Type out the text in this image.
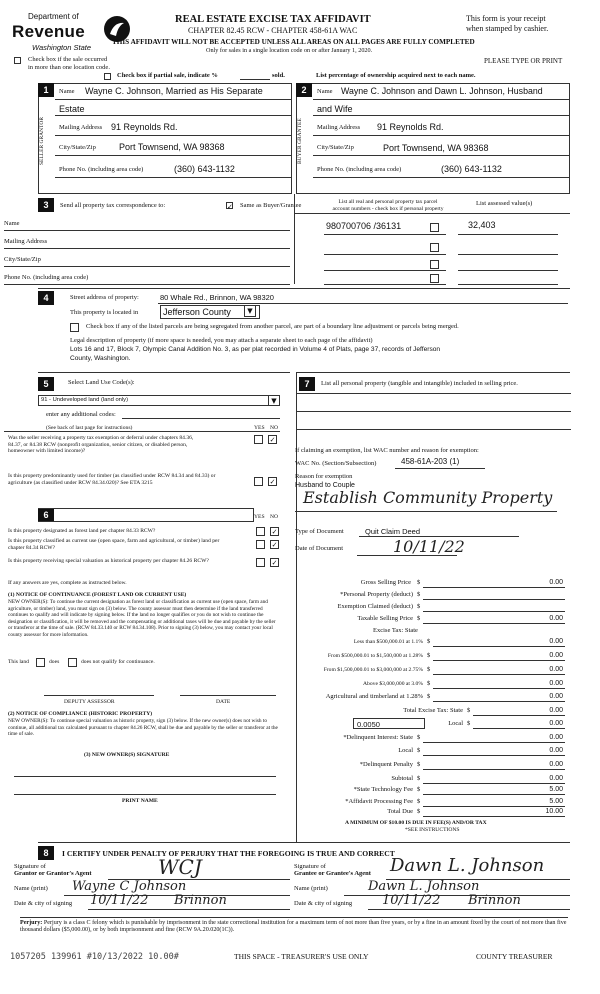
Department of
Revenue
Washington State
REAL ESTATE EXCISE TAX AFFIDAVIT
CHAPTER 82.45 RCW - CHAPTER 458-61A WAC
This form is your receipt
when stamped by cashier.
THIS AFFIDAVIT WILL NOT BE ACCEPTED UNLESS ALL AREAS ON ALL PAGES ARE FULLY COMPLETED
Only for sales in a single location code on or after January 1, 2020.
Check box if the sale occurred
in more than one location code.
PLEASE TYPE OR PRINT
Check box if partial sale, indicate %	sold.	List percentage of ownership acquired next to each name.
1
SELLER GRANTOR
Name Wayne C. Johnson, Married as His Separate
Estate
Mailing Address 91 Reynolds Rd.
City/State/Zip	Port Townsend, WA 98368
Phone No. (including area code)	(360) 643-1132
2
BUYER GRANTEE
Name Wayne C. Johnson and Dawn L. Johnson, Husband
and Wife
Mailing Address 91 Reynolds Rd.
City/State/Zip	Port Townsend, WA 98368
Phone No. (including area code)	(360) 643-1132
3	Send all property tax correspondence to:	✓ Same as Buyer/Grantee
Name
Mailing Address
City/State/Zip
Phone No. (including area code)
List all real and personal property tax parcel
account numbers - check box if personal property
List assessed value(s)
980700706 /36131	32,403
4	Street address of property:	80 Whale Rd., Brinnon, WA 98320
This property is located in	Jefferson County	▼
Check box if any of the listed parcels are being segregated from another parcel, are part of a boundary line adjustment or parcels being merged.
Legal description of property (if more space is needed, you may attach a separate sheet to each page of the affidavit)
Lots 16 and 17, Block 7, Olympic Canal Addition No. 3, as per plat recorded in Volume 4 of Plats, page 37, records of Jefferson
County, Washington.
5	Select Land Use Code(s):
91 - Undeveloped land (land only)	▼
enter any additional codes:
(See back of last page for instructions)	YES NO
Was the seller receiving a property tax exemption or deferral under chapters 84.36, 84.37, or 84.38 RCW (nonprofit organization, senior citizen, or disabled person, homeowner with limited income)?
✓
Is this property predominantly used for timber (as classified under RCW 84.34 and 84.33) or agriculture (as classified under RCW 84.34.020)? See ETA 3215	✓
6	YES NO
Is this property designated as forest land per chapter 84.33 RCW?	✓
Is this property classified as current use (open space, farm and agricultural, or timber) land per chapter 84.34 RCW?	✓
Is this property receiving special valuation as historical property per chapter 84.26 RCW?	✓
If any answers are yes, complete as instructed below.
(1) NOTICE OF CONTINUANCE (FOREST LAND OR CURRENT USE)
NEW OWNER(S): To continue the current designation as forest land or classification as current use (open space, farm and agriculture, or timber) land, you must sign on (3) below. The county assessor must then determine if the land transferred continues to qualify and will indicate by signing below. If the land no longer qualifies or you do not wish to continue the designation or classification, it will be removed and the compensating or additional taxes will be due and payable by the seller or transferor at the time of sale. (RCW 84.33.140 or RCW 84.34.108). Prior to signing (3) below, you may contact your local county assessor for more information.
This land	does	does not qualify for continuance.
DEPUTY ASSESSOR	DATE
(2) NOTICE OF COMPLIANCE (HISTORIC PROPERTY)
NEW OWNER(S): To continue special valuation as historic property, sign (3) below. If the new owner(s) does not wish to continue, all additional tax calculated pursuant to chapter 84.26 RCW, shall be due and payable by the seller or transferor at the time of sale.
(3) NEW OWNER(S) SIGNATURE
PRINT NAME
7	List all personal property (tangible and intangible) included in selling price.
If claiming an exemption, list WAC number and reason for exemption:
WAC No. (Section/Subsection)	458-61A-203 (1)
Reason for exemption
Husband to Couple
Establish Community Property
Type of Document	Quit Claim Deed
Date of Document	10/11/22
Gross Selling Price $	0.00
*Personal Property (deduct) $
Exemption Claimed (deduct) $
Taxable Selling Price $	0.00
Excise Tax: State
Less than $500,000.01 at 1.1% $	0.00
From $500,000.01 to $1,500,000 at 1.28% $	0.00
From $1,500,000.01 to $3,000,000 at 2.75% $	0.00
Above $3,000,000 at 3.0% $	0.00
Agricultural and timberland at 1.28% $	0.00
Total Excise Tax: State $	0.00
0.0050	Local $	0.00
*Delinquent Interest: State $	0.00
Local $	0.00
*Delinquent Penalty $	0.00
Subtotal $	0.00
*State Technology Fee $	5.00
*Affidavit Processing Fee $	5.00
Total Due $	10.00
A MINIMUM OF $10.00 IS DUE IN FEE(S) AND/OR TAX
*SEE INSTRUCTIONS
8	I CERTIFY UNDER PENALTY OF PERJURY THAT THE FOREGOING IS TRUE AND CORRECT
Signature of
Grantor or Grantor's Agent	WCJ
Name (print) Wayne C Johnson
Date & city of signing 10/11/22 Brinnon
Signature of
Grantee or Grantee's Agent Dawn L. Johnson
Name (print)	Dawn L. Johnson
Date & city of signing 10/11/22 Brinnon
Perjury: Perjury is a class C felony which is punishable by imprisonment in the state correctional institution for a maximum term of not more than five years, or by a fine in an amount fixed by the court of not more than five thousand dollars ($5,000.00), or by both imprisonment and fine (RCW 9A.20.020(1C)).
1057205 139961 #10/13/2022 10.00#	THIS SPACE - TREASURER'S USE ONLY	COUNTY TREASURER
